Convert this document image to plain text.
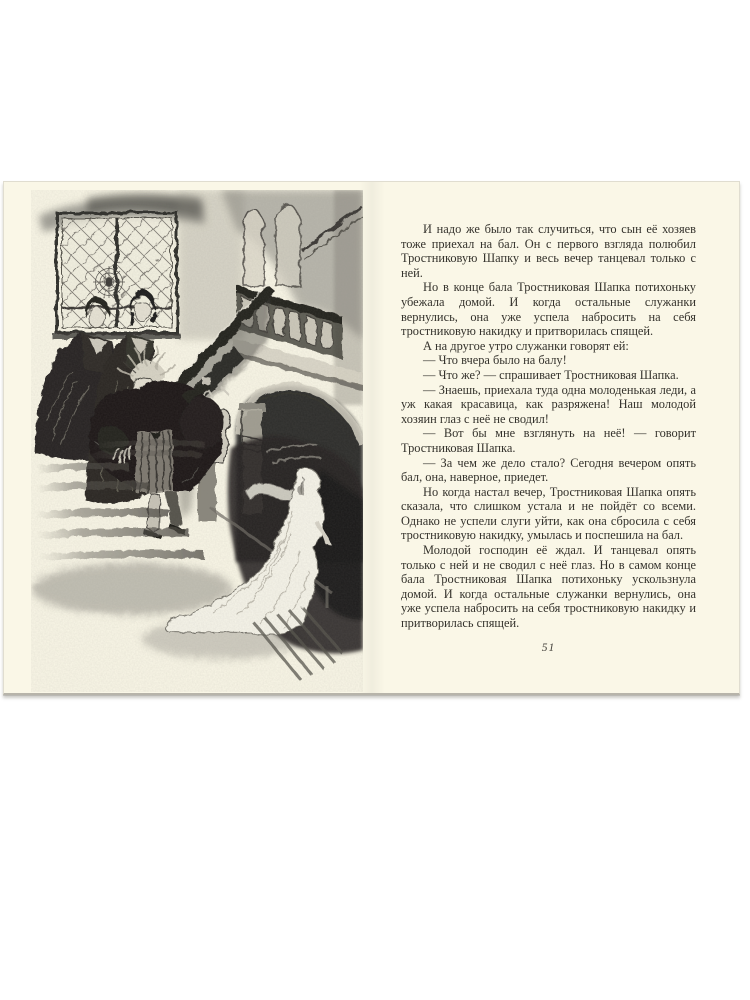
И надо же было так случиться, что сын её хозяев тоже приехал на бал. Он с первого взгляда полюбил Тростниковую Шапку и весь вечер танцевал только с ней.

Но в конце бала Тростниковая Шапка потихоньку убежала домой. И когда остальные служанки вернулись, она уже успела набросить на себя тростниковую накидку и притворилась спящей.

А на другое утро служанки говорят ей:

— Что вчера было на балу!

— Что же? — спрашивает Тростниковая Шапка.

— Знаешь, приехала туда одна молоденькая леди, а уж какая красавица, как разряжена! Наш молодой хозяин глаз с неё не сводил!

— Вот бы мне взглянуть на неё! — говорит Тростниковая Шапка.

— За чем же дело стало? Сегодня вечером опять бал, она, наверное, приедет.

Но когда настал вечер, Тростниковая Шапка опять сказала, что слишком устала и не пойдёт со всеми. Однако не успели слуги уйти, как она сбросила с себя тростниковую накидку, умылась и поспешила на бал.

Молодой господин её ждал. И танцевал опять только с ней и не сводил с неё глаз. Но в самом конце бала Тростниковая Шапка потихоньку ускользнула домой. И когда остальные служанки вернулись, она уже успела набросить на себя тростниковую накидку и притворилась спящей.

51
